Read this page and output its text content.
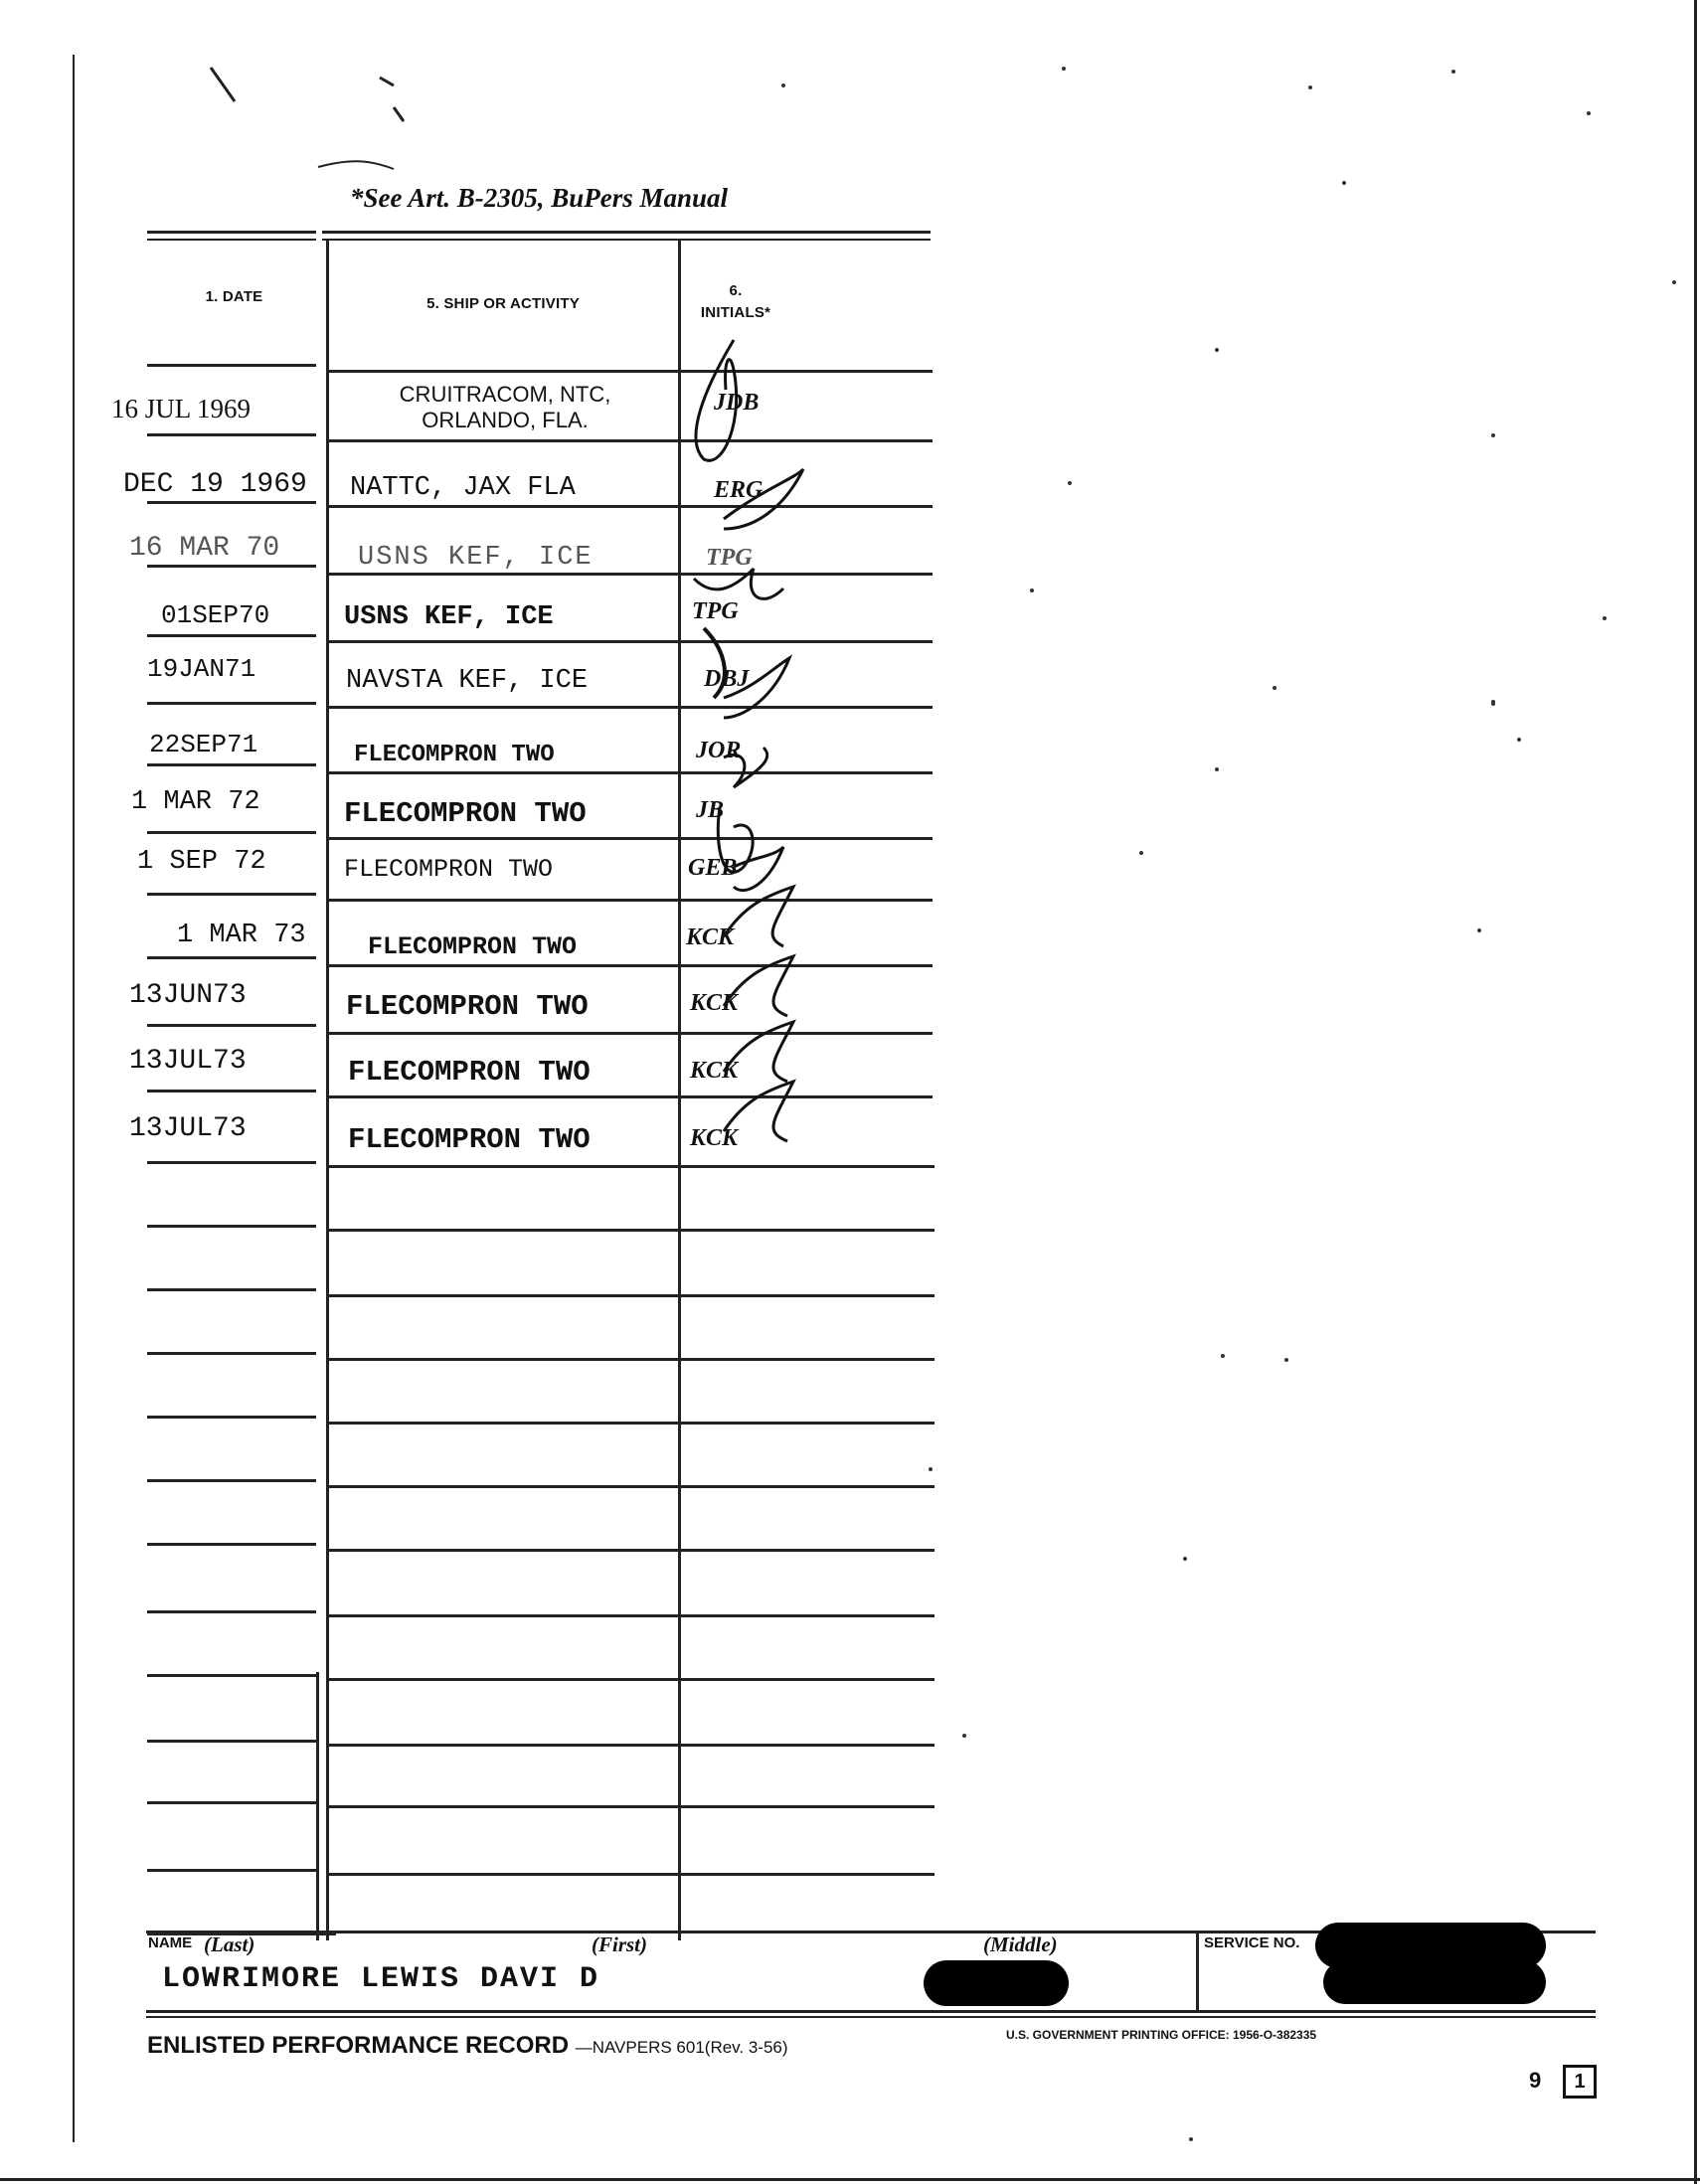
*See Art. B-2305, BuPers Manual
1. DATE	5. SHIP OR ACTIVITY
6.
INITIALS*
16 JUL 1969	CRUITRACOM, NTC,
ORLANDO, FLA.
JDB
DEC 19 1969 NATTC, JAX FLA	ERG
16 MAR 70	USNS KEF, ICE	TPG
01SEP70	USNS KEF, ICE	TPG
19JAN71	NAVSTA KEF, ICE	DBJ
22SEP71	FLECOMPRON TWO	JOR
1 MAR 72	FLECOMPRON TWO	JB
1 SEP 72	FLECOMPRON TWO	GEB
1 MAR 73 FLECOMPRON TWO	KCK
13JUN73	FLECOMPRON TWO	KCK
13JUL73	FLECOMPRON TWO	KCK
13JUL73	FLECOMPRON TWO	KCK
NAME (Last)	(First)	(Middle)	SERVICE NO.
LOWRIMORE LEWIS DAVI D
ENLISTED PERFORMANCE RECORD —NAVPERS 601(Rev. 3-56)
U.S. GOVERNMENT PRINTING OFFICE: 1956-O-382335
9	1
